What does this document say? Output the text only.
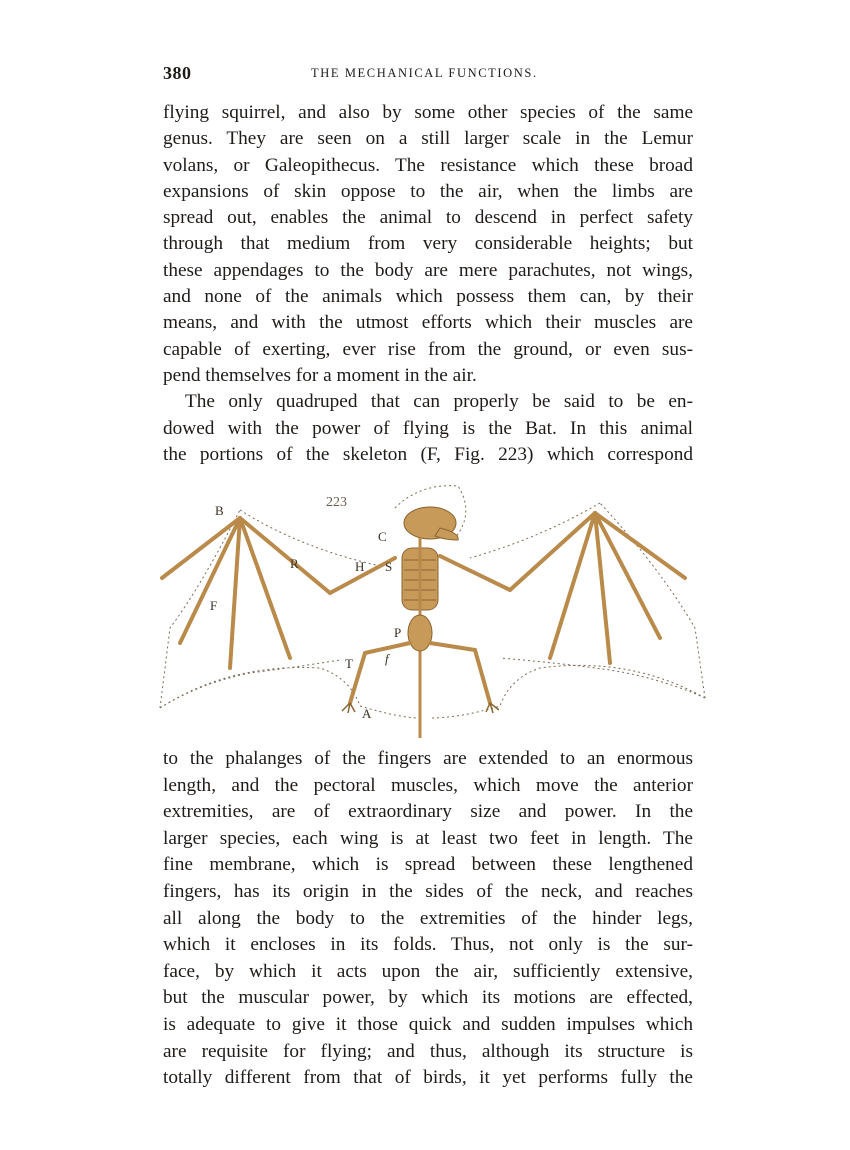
380	THE MECHANICAL FUNCTIONS.
flying squirrel, and also by some other species of the same
genus. They are seen on a still larger scale in the Lemur
volans, or Galeopithecus. The resistance which these broad
expansions of skin oppose to the air, when the limbs are
spread out, enables the animal to descend in perfect safety
through that medium from very considerable heights; but
these appendages to the body are mere parachutes, not wings,
and none of the animals which possess them can, by their
means, and with the utmost efforts which their muscles are
capable of exerting, ever rise from the ground, or even sus-
pend themselves for a moment in the air.
The only quadruped that can properly be said to be en-
dowed with the power of flying is the Bat. In this animal
the portions of the skeleton (F, Fig. 223) which correspond
223
B
R	H
C
S
F
P
T f
A
to the phalanges of the fingers are extended to an enormous
length, and the pectoral muscles, which move the anterior
extremities, are of extraordinary size and power. In the
larger species, each wing is at least two feet in length. The
fine membrane, which is spread between these lengthened
fingers, has its origin in the sides of the neck, and reaches
all along the body to the extremities of the hinder legs,
which it encloses in its folds. Thus, not only is the sur-
face, by which it acts upon the air, sufficiently extensive,
but the muscular power, by which its motions are effected,
is adequate to give it those quick and sudden impulses which
are requisite for flying; and thus, although its structure is
totally different from that of birds, it yet performs fully the
